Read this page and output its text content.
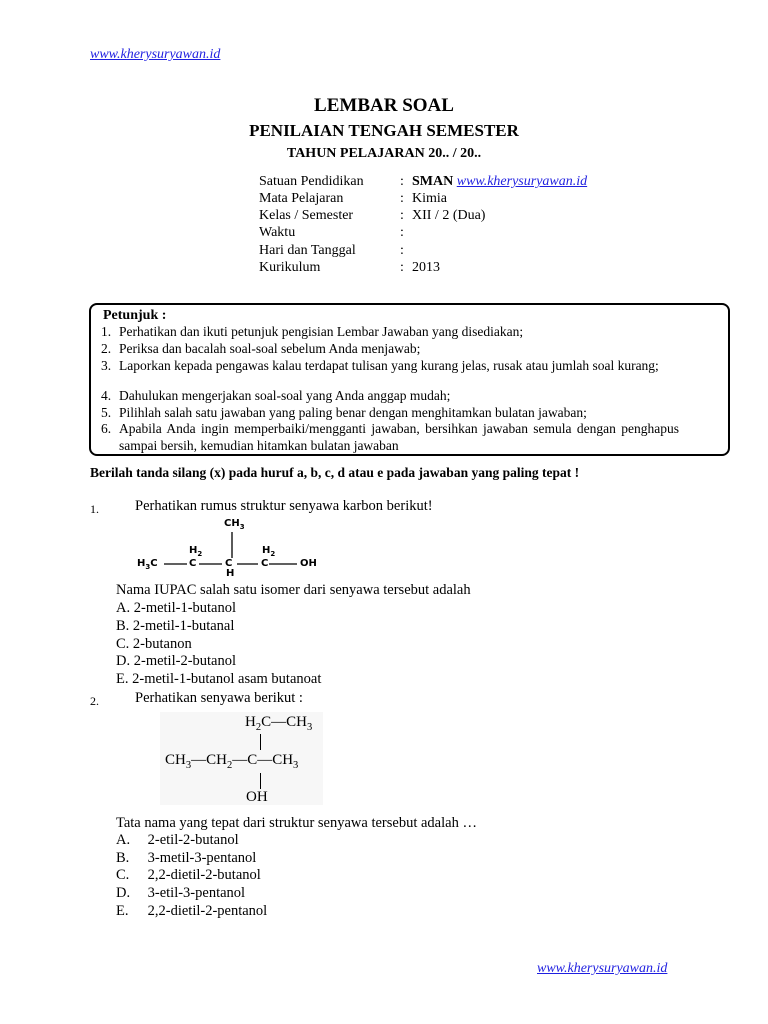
www.kherysuryawan.id
LEMBAR SOAL
PENILAIAN TENGAH SEMESTER
TAHUN PELAJARAN 20.. / 20..
Satuan Pendidikan	: SMAN www.kherysuryawan.id
Mata Pelajaran	: Kimia
Kelas / Semester	: XII / 2 (Dua)
Waktu	:
Hari dan Tanggal	:
Kurikulum	: 2013
Petunjuk :
1. Perhatikan dan ikuti petunjuk pengisian Lembar Jawaban yang disediakan;
2. Periksa dan bacalah soal-soal sebelum Anda menjawab;
3. Laporkan kepada pengawas kalau terdapat tulisan yang kurang jelas, rusak atau jumlah soal kurang;
4. Dahulukan mengerjakan soal-soal yang Anda anggap mudah;
5. Pilihlah salah satu jawaban yang paling benar dengan menghitamkan bulatan jawaban;
6. Apabila Anda ingin memperbaiki/mengganti jawaban, bersihkan jawaban semula dengan penghapus sampai bersih, kemudian hitamkan bulatan jawaban
Berilah tanda silang (x) pada huruf a, b, c, d atau e pada jawaban yang paling tepat !
1. Perhatikan rumus struktur senyawa karbon berikut!
$CH_3$
$H_2$	$H_2$
$H_3C$	C	C	C	OH
H
Nama IUPAC salah satu isomer dari senyawa tersebut adalah
A. 2-metil-1-butanol
B. 2-metil-1-butanal
C. 2-butanon
D. 2-metil-2-butanol
E. 2-metil-1-butanol asam butanoat
2. Perhatikan senyawa berikut :
$H_2C—CH_3$
$CH_3—CH_2—C—CH_3$
OH
Tata nama yang tepat dari struktur senyawa tersebut adalah …
A. 2-etil-2-butanol
B. 3-metil-3-pentanol
C. 2,2-dietil-2-butanol
D. 3-etil-3-pentanol
E. 2,2-dietil-2-pentanol
www.kherysuryawan.id
